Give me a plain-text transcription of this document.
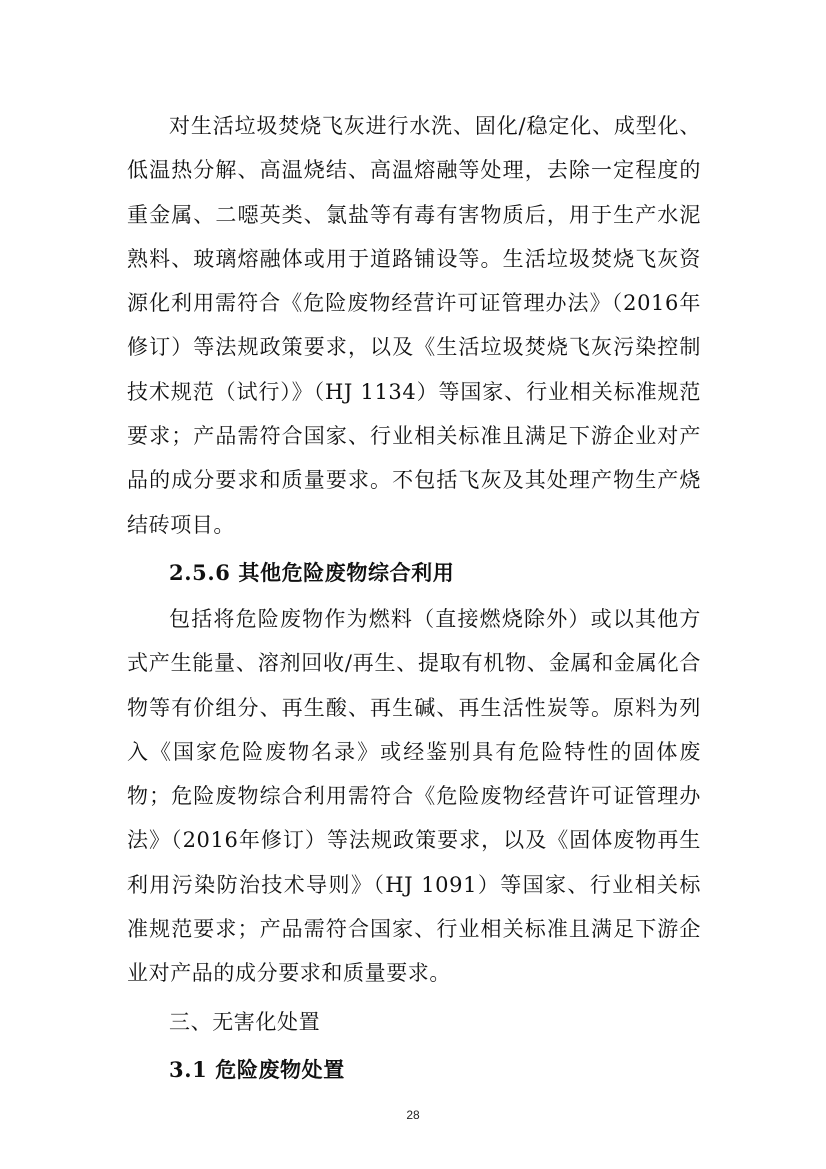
对生活垃圾焚烧飞灰进行水洗、固化/稳定化、成型化、低温热分解、高温烧结、高温熔融等处理，去除一定程度的重金属、二噁英类、氯盐等有毒有害物质后，用于生产水泥熟料、玻璃熔融体或用于道路铺设等。生活垃圾焚烧飞灰资源化利用需符合《危险废物经营许可证管理办法》（2016年修订）等法规政策要求，以及《生活垃圾焚烧飞灰污染控制技术规范（试行）》（HJ 1134）等国家、行业相关标准规范要求；产品需符合国家、行业相关标准且满足下游企业对产品的成分要求和质量要求。不包括飞灰及其处理产物生产烧结砖项目。

2.5.6 其他危险废物综合利用

包括将危险废物作为燃料（直接燃烧除外）或以其他方式产生能量、溶剂回收/再生、提取有机物、金属和金属化合物等有价组分、再生酸、再生碱、再生活性炭等。原料为列入《国家危险废物名录》或经鉴别具有危险特性的固体废物；危险废物综合利用需符合《危险废物经营许可证管理办法》（2016年修订）等法规政策要求，以及《固体废物再生利用污染防治技术导则》（HJ 1091）等国家、行业相关标准规范要求；产品需符合国家、行业相关标准且满足下游企业对产品的成分要求和质量要求。

三、无害化处置

3.1 危险废物处置

28
